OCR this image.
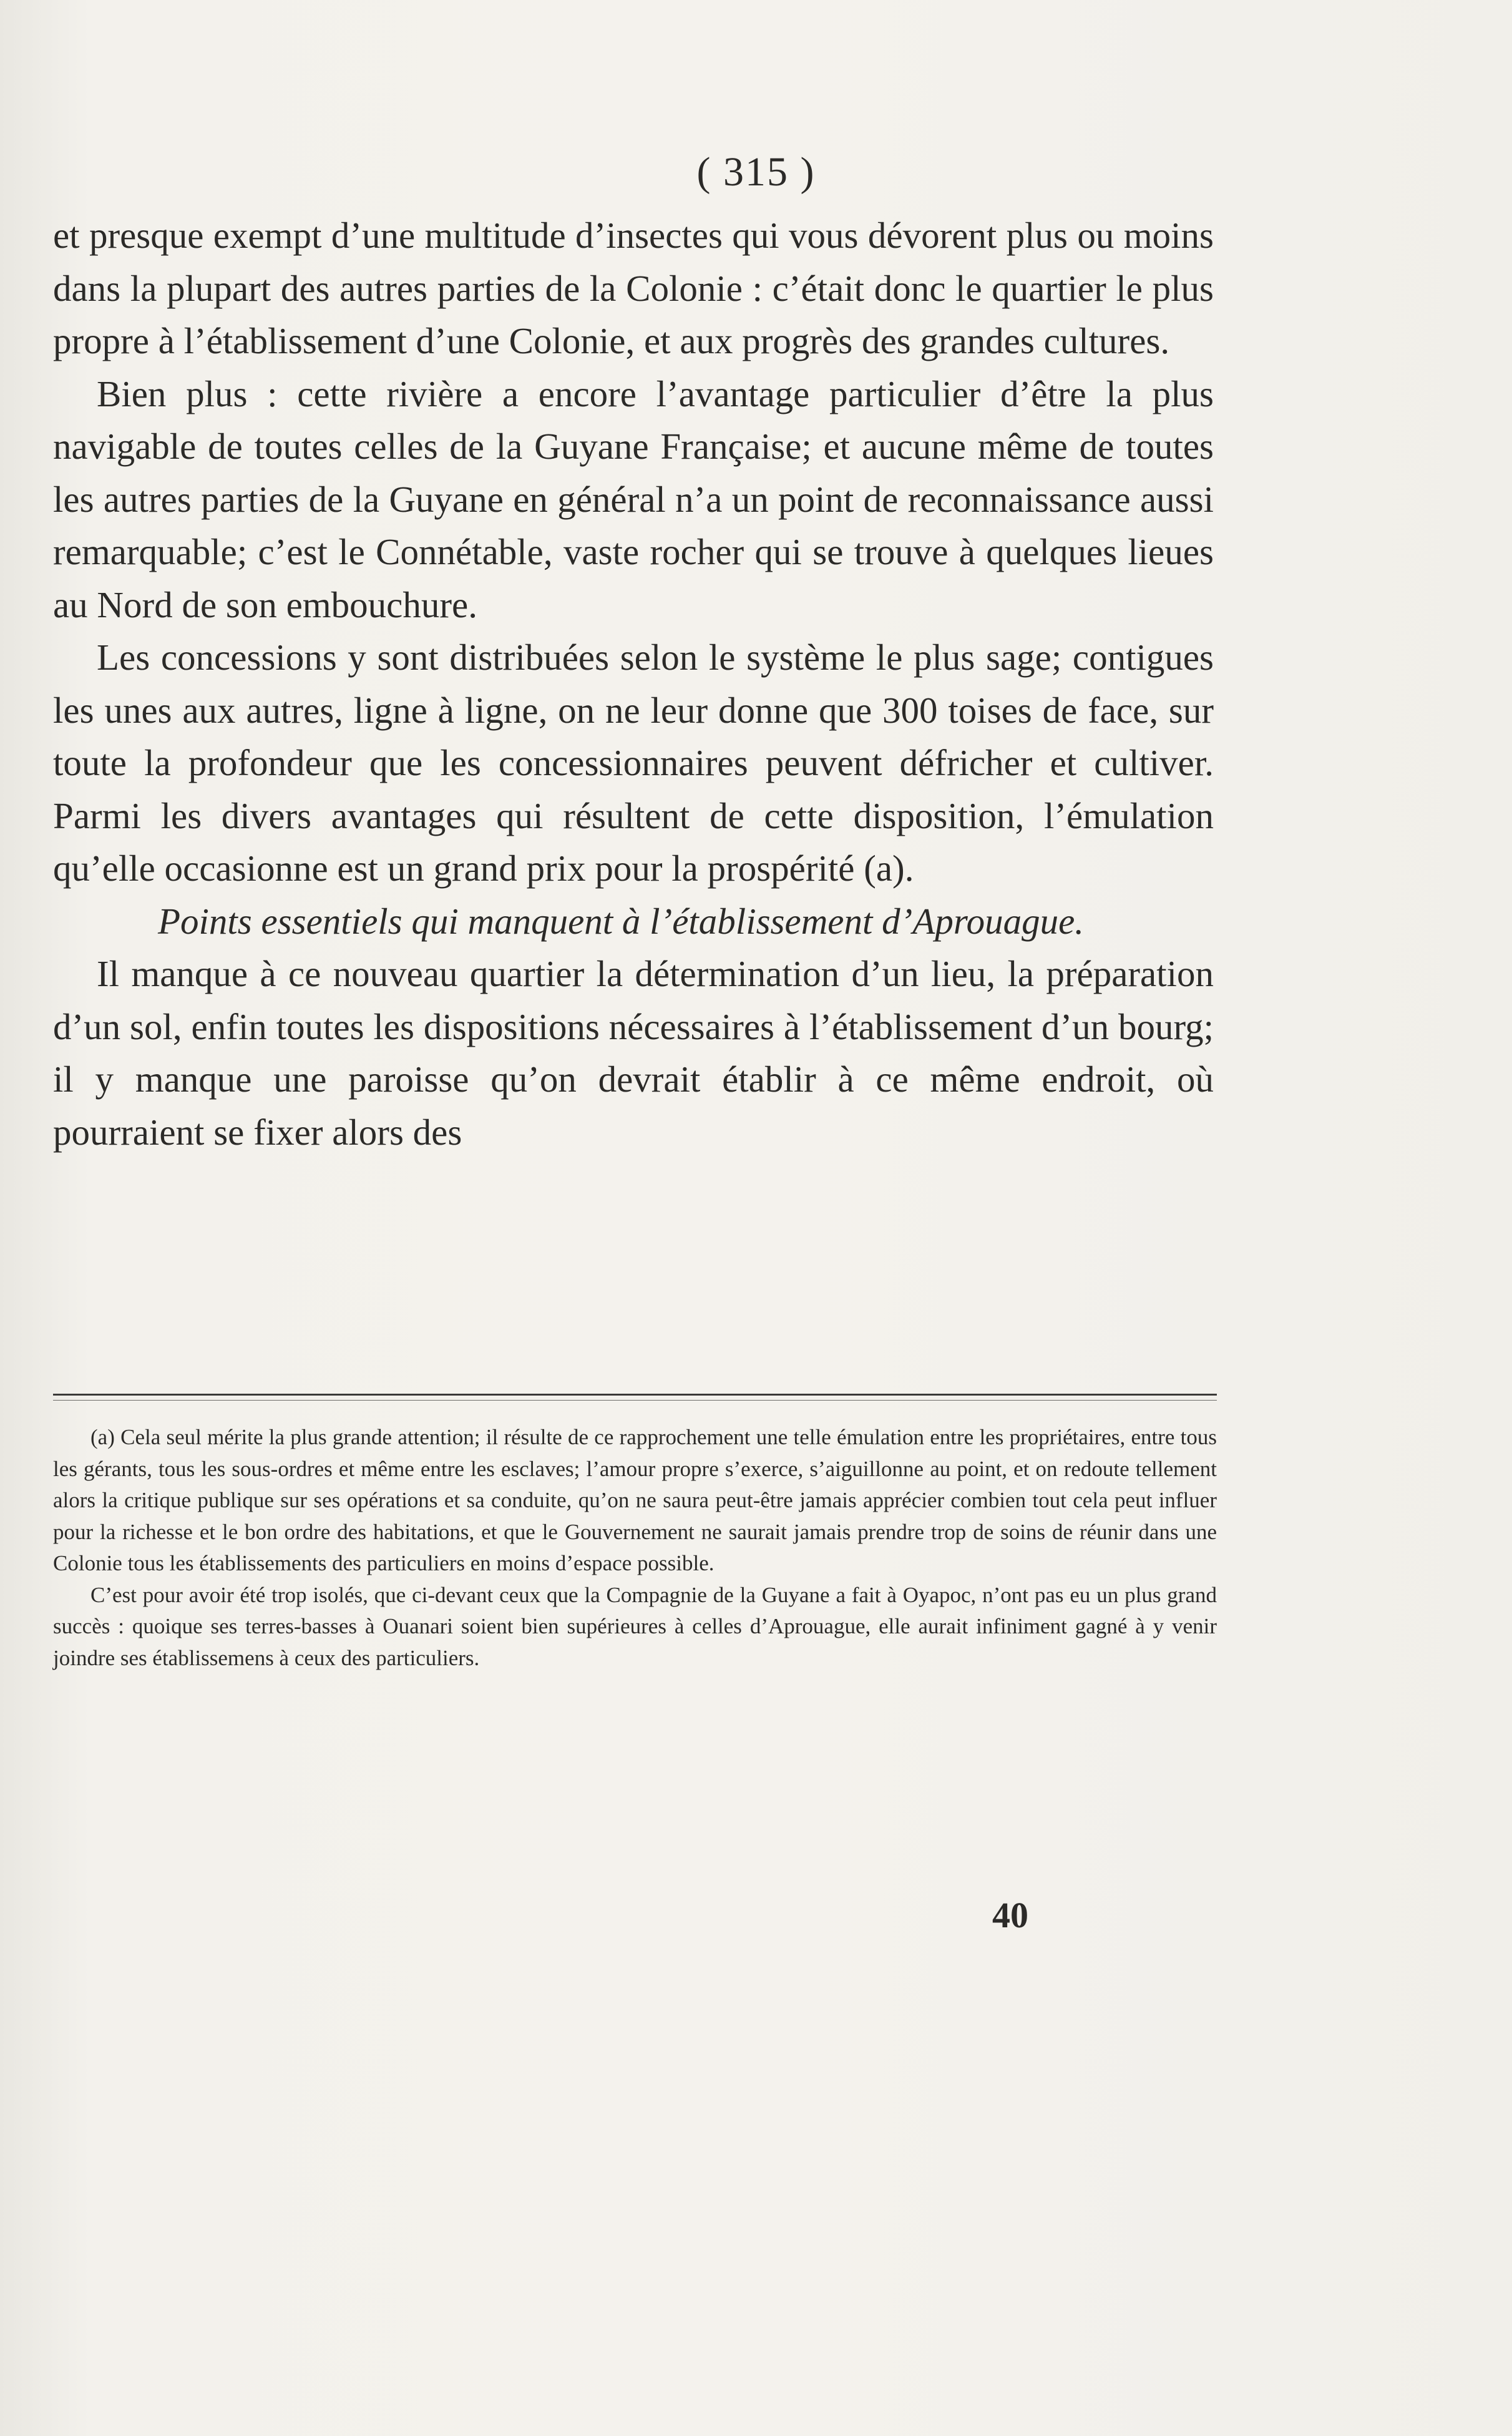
( 315 )

et presque exempt d’une multitude d’insectes qui vous dévorent plus ou moins dans la plupart des autres parties de la Colonie : c’était donc le quartier le plus propre à l’établissement d’une Colonie, et aux progrès des grandes cultures.

Bien plus : cette rivière a encore l’avantage particulier d’être la plus navigable de toutes celles de la Guyane Française; et aucune même de toutes les autres parties de la Guyane en général n’a un point de reconnaissance aussi remarquable; c’est le Connétable, vaste rocher qui se trouve à quelques lieues au Nord de son embouchure.

Les concessions y sont distribuées selon le système le plus sage; contigues les unes aux autres, ligne à ligne, on ne leur donne que 300 toises de face, sur toute la profondeur que les concessionnaires peuvent défricher et cultiver. Parmi les divers avantages qui résultent de cette disposition, l’émulation qu’elle occasionne est un grand prix pour la prospérité (a).

Points essentiels qui manquent à l’établissement d’Aprouague.

Il manque à ce nouveau quartier la détermination d’un lieu, la préparation d’un sol, enfin toutes les dispositions nécessaires à l’établissement d’un bourg; il y manque une paroisse qu’on devrait établir à ce même endroit, où pourraient se fixer alors des

(a) Cela seul mérite la plus grande attention; il résulte de ce rapprochement une telle émulation entre les propriétaires, entre tous les gérants, tous les sous-ordres et même entre les esclaves; l’amour propre s’exerce, s’aiguillonne au point, et on redoute tellement alors la critique publique sur ses opérations et sa conduite, qu’on ne saura peut-être jamais apprécier combien tout cela peut influer pour la richesse et le bon ordre des habitations, et que le Gouvernement ne saurait jamais prendre trop de soins de réunir dans une Colonie tous les établissements des particuliers en moins d’espace possible.

C’est pour avoir été trop isolés, que ci-devant ceux que la Compagnie de la Guyane a fait à Oyapoc, n’ont pas eu un plus grand succès : quoique ses terres-basses à Ouanari soient bien supérieures à celles d’Aprouague, elle aurait infiniment gagné à y venir joindre ses établissemens à ceux des particuliers.

40
